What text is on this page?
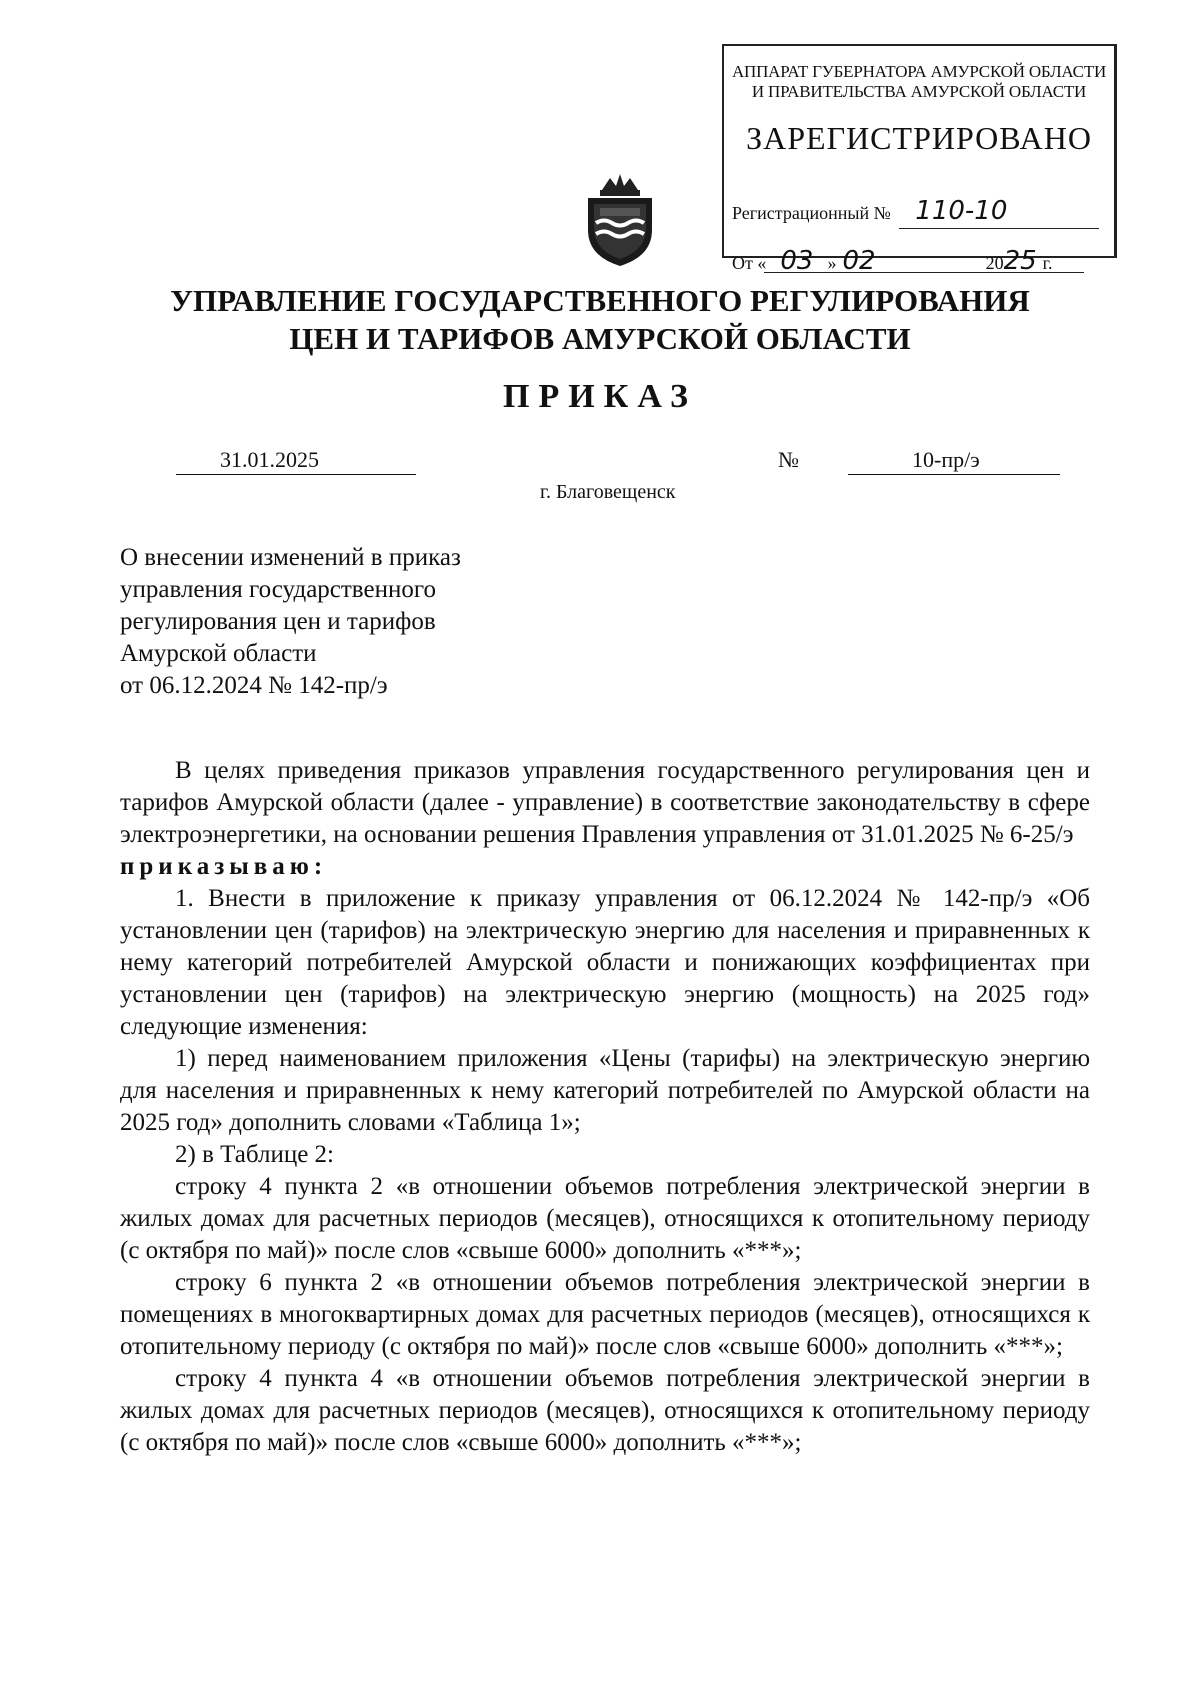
АППАРАТ ГУБЕРНАТОРА АМУРСКОЙ ОБЛАСТИ
И ПРАВИТЕЛЬСТВА АМУРСКОЙ ОБЛАСТИ
ЗАРЕГИСТРИРОВАНО
Регистрационный № 110-10
От « 03 » 02	2025 г.
УПРАВЛЕНИЕ ГОСУДАРСТВЕННОГО РЕГУЛИРОВАНИЯ
ЦЕН И ТАРИФОВ АМУРСКОЙ ОБЛАСТИ
ПРИКАЗ
31.01.2025	№	10-пр/э
г. Благовещенск
О внесении изменений в приказ
управления государственного
регулирования цен и тарифов
Амурской области
от 06.12.2024 № 142-пр/э

В целях приведения приказов управления государственного регулирования цен и тарифов Амурской области (далее - управление) в соответствие законодательству в сфере электроэнергетики, на основании решения Правления управления от 31.01.2025 № 6-25/э

приказываю:

1. Внести в приложение к приказу управления от 06.12.2024 № 142-пр/э «Об установлении цен (тарифов) на электрическую энергию для населения и приравненных к нему категорий потребителей Амурской области и понижающих коэффициентах при установлении цен (тарифов) на электрическую энергию (мощность) на 2025 год» следующие изменения:

1) перед наименованием приложения «Цены (тарифы) на электрическую энергию для населения и приравненных к нему категорий потребителей по Амурской области на 2025 год» дополнить словами «Таблица 1»;

2) в Таблице 2:

строку 4 пункта 2 «в отношении объемов потребления электрической энергии в жилых домах для расчетных периодов (месяцев), относящихся к отопительному периоду (с октября по май)» после слов «свыше 6000» дополнить «***»;

строку 6 пункта 2 «в отношении объемов потребления электрической энергии в помещениях в многоквартирных домах для расчетных периодов (месяцев), относящихся к отопительному периоду (с октября по май)» после слов «свыше 6000» дополнить «***»;

строку 4 пункта 4 «в отношении объемов потребления электрической энергии в жилых домах для расчетных периодов (месяцев), относящихся к отопительному периоду (с октября по май)» после слов «свыше 6000» дополнить «***»;
